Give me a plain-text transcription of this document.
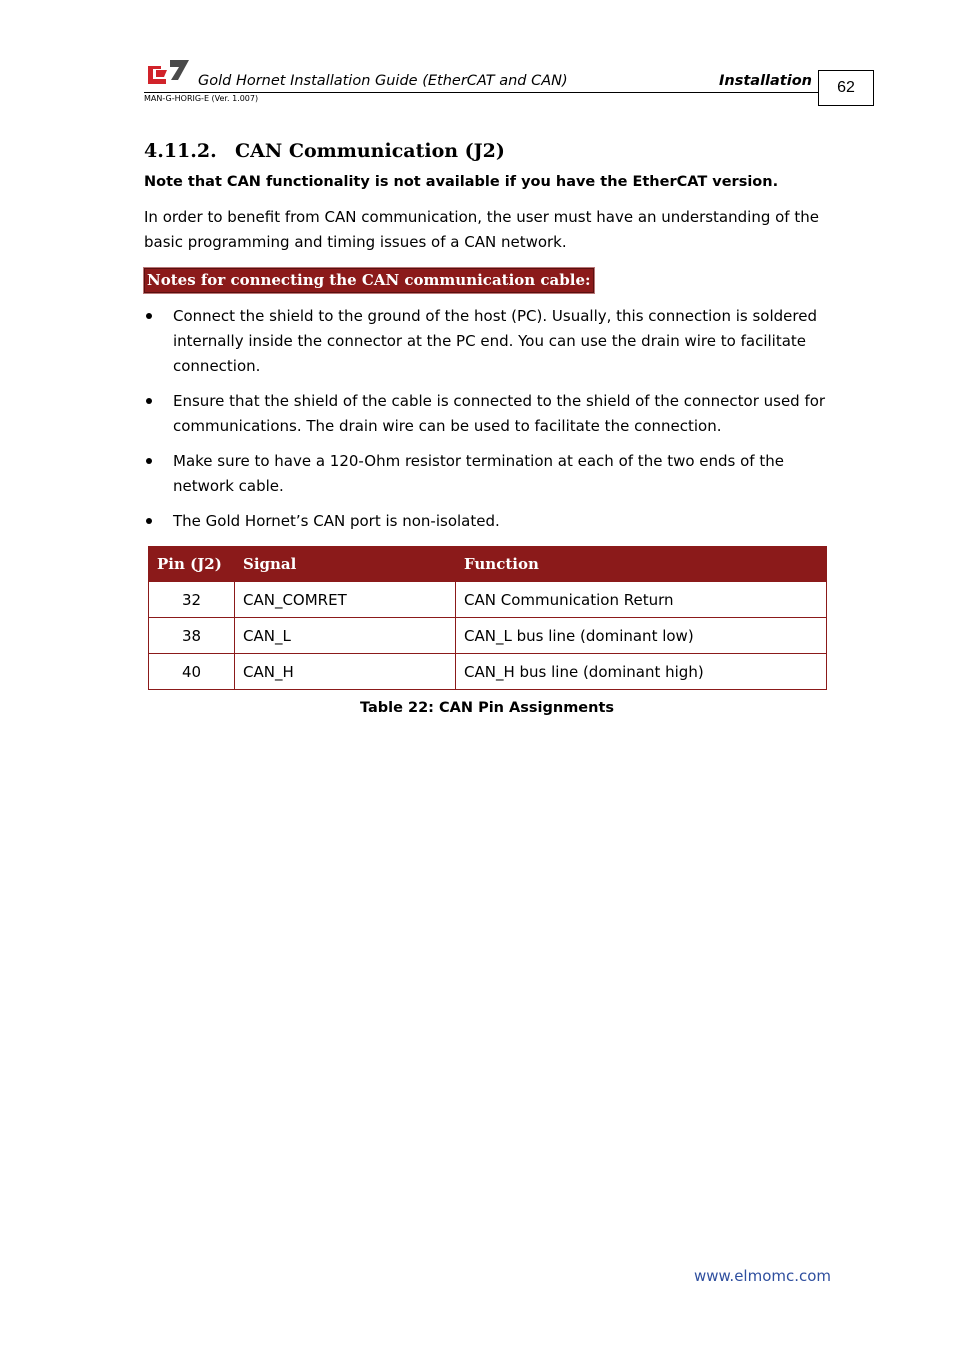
Gold Hornet Installation Guide (EtherCAT and CAN)	Installation
MAN-G-HORIG-E (Ver. 1.007)
62
4.11.2. CAN Communication (J2)
Note that CAN functionality is not available if you have the EtherCAT version.
In order to benefit from CAN communication, the user must have an understanding of the basic programming and timing issues of a CAN network.
Notes for connecting the CAN communication cable:
Connect the shield to the ground of the host (PC). Usually, this connection is soldered internally inside the connector at the PC end. You can use the drain wire to facilitate connection.
Ensure that the shield of the cable is connected to the shield of the connector used for communications. The drain wire can be used to facilitate the connection.
Make sure to have a 120-Ohm resistor termination at each of the two ends of the network cable.
The Gold Hornet’s CAN port is non-isolated.
Pin (J2)	Signal	Function
32	CAN_COMRET	CAN Communication Return
38	CAN_L	CAN_L bus line (dominant low)
40	CAN_H	CAN_H bus line (dominant high)
Table 22: CAN Pin Assignments
www.elmomc.com
